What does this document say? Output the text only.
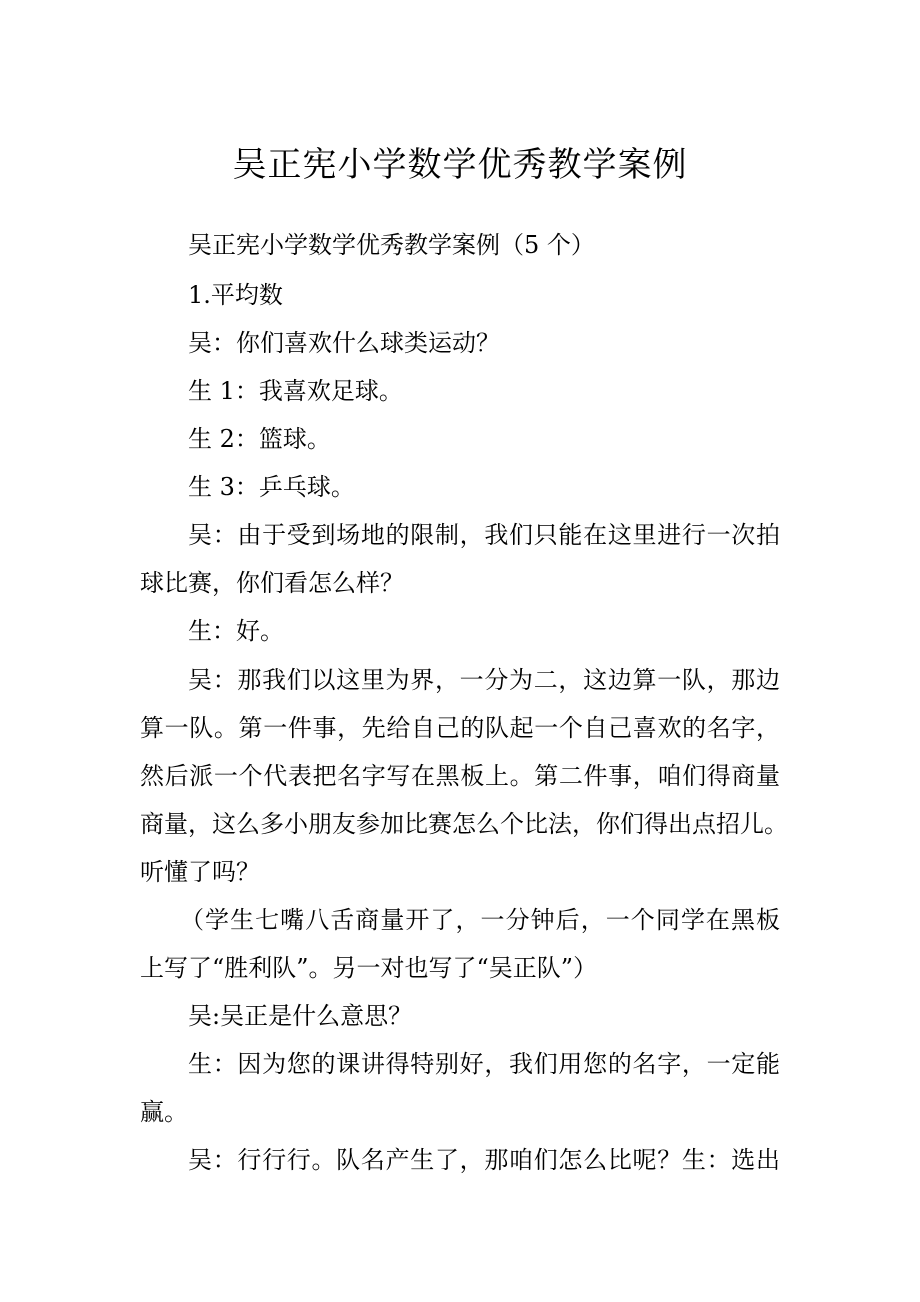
吴正宪小学数学优秀教学案例
吴正宪小学数学优秀教学案例（5 个）
1.平均数
吴：你们喜欢什么球类运动？
生 1：我喜欢足球。
生 2：篮球。
生 3：乒乓球。
吴：由于受到场地的限制，我们只能在这里进行一次拍
球比赛，你们看怎么样？
生：好。
吴：那我们以这里为界，一分为二，这边算一队，那边
算一队。第一件事，先给自己的队起一个自己喜欢的名字，
然后派一个代表把名字写在黑板上。第二件事，咱们得商量
商量，这么多小朋友参加比赛怎么个比法，你们得出点招儿。
听懂了吗？
（学生七嘴八舌商量开了，一分钟后，一个同学在黑板
上写了“胜利队”。另一对也写了“吴正队”）
吴:吴正是什么意思？
生：因为您的课讲得特别好，我们用您的名字，一定能
赢。
吴：行行行。队名产生了，那咱们怎么比呢？生：选出
